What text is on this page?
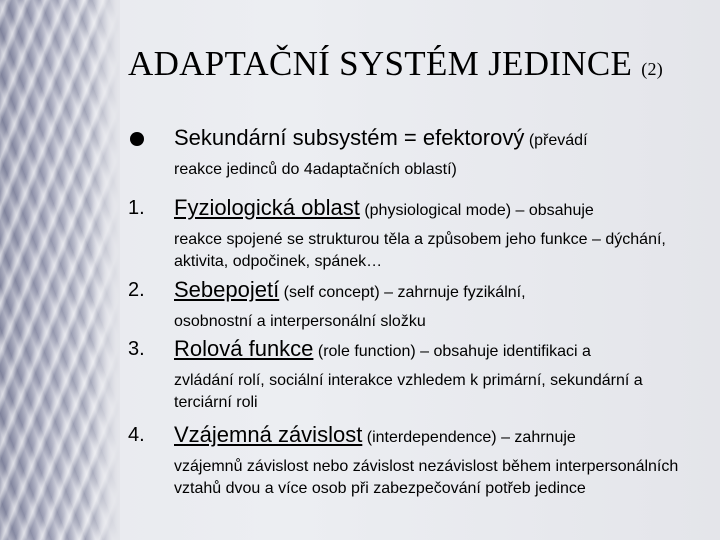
ADAPTAČNÍ SYSTÉM JEDINCE (2)
Sekundární subsystém = efektorový (převádí
reakce jedinců do 4adaptačních oblastí)
1. Fyziologická oblast (physiological mode) – obsahuje
reakce spojené se strukturou těla a způsobem jeho funkce – dýchání, aktivita, odpočinek, spánek…
2. Sebepojetí (self concept) – zahrnuje fyzikální,
osobnostní a interpersonální složku
3. Rolová funkce (role function) – obsahuje identifikaci a
zvládání rolí, sociální interakce vzhledem k primární, sekundární a terciární roli
4. Vzájemná závislost (interdependence) – zahrnuje
vzájemnů závislost nebo závislost nezávislost během interpersonálních vztahů dvou a více osob při zabezpečování potřeb jedince
